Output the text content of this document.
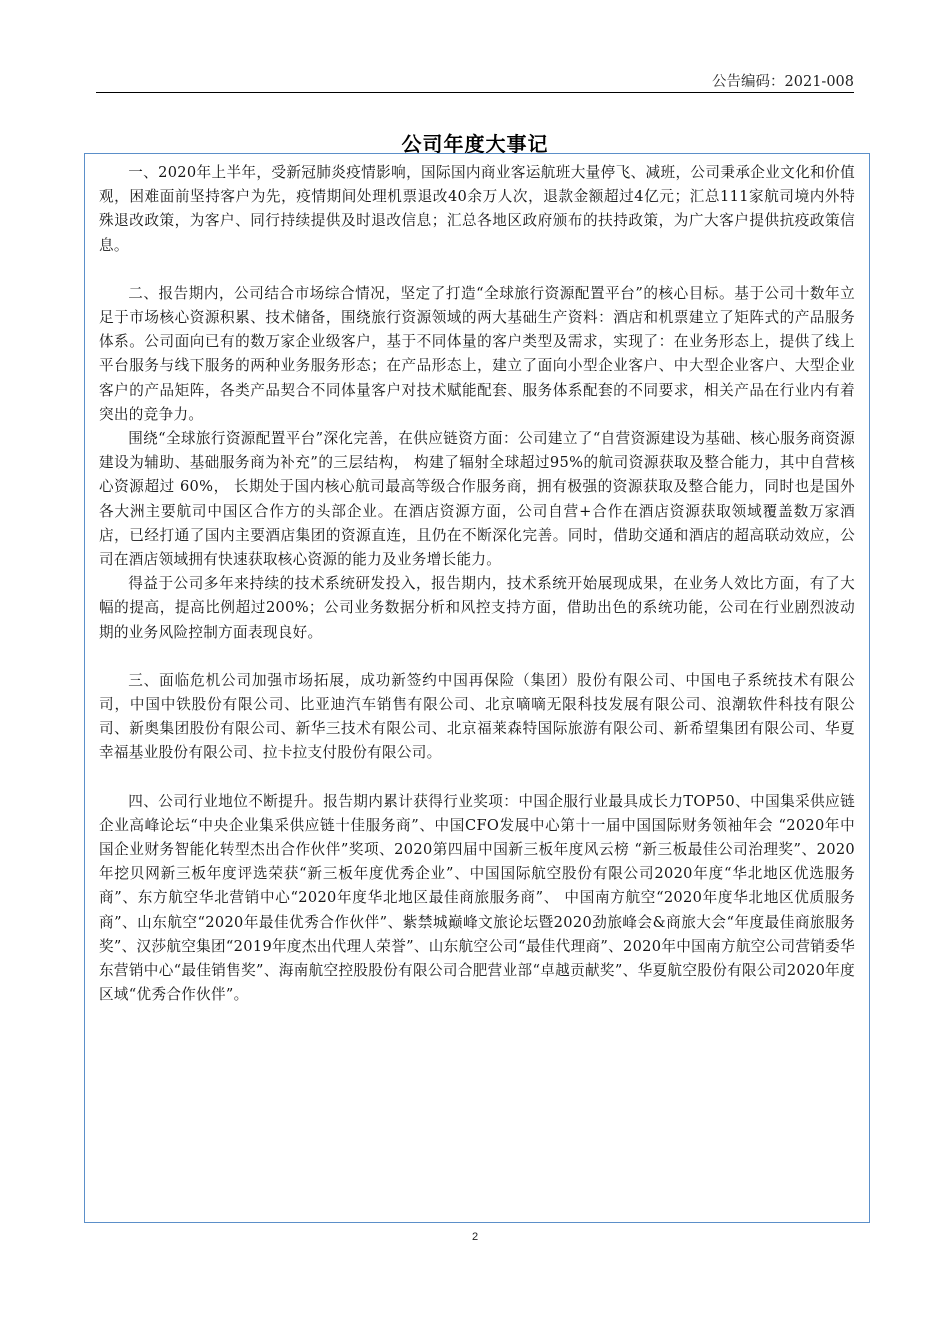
公告编码：2021-008
公司年度大事记

一、2020年上半年，受新冠肺炎疫情影响，国际国内商业客运航班大量停飞、减班，公司秉承企业文化和价值观，困难面前坚持客户为先，疫情期间处理机票退改40余万人次，退款金额超过4亿元；汇总111家航司境内外特殊退改政策，为客户、同行持续提供及时退改信息；汇总各地区政府颁布的扶持政策，为广大客户提供抗疫政策信息。

二、报告期内，公司结合市场综合情况，坚定了打造“全球旅行资源配置平台”的核心目标。基于公司十数年立足于市场核心资源积累、技术储备，围绕旅行资源领域的两大基础生产资料：酒店和机票建立了矩阵式的产品服务体系。公司面向已有的数万家企业级客户，基于不同体量的客户类型及需求，实现了：在业务形态上，提供了线上平台服务与线下服务的两种业务服务形态；在产品形态上，建立了面向小型企业客户、中大型企业客户、大型企业客户的产品矩阵，各类产品契合不同体量客户对技术赋能配套、服务体系配套的不同要求，相关产品在行业内有着突出的竞争力。

围绕“全球旅行资源配置平台”深化完善，在供应链资方面：公司建立了“自营资源建设为基础、核心服务商资源建设为辅助、基础服务商为补充”的三层结构， 构建了辐射全球超过95%的航司资源获取及整合能力，其中自营核心资源超过 60%， 长期处于国内核心航司最高等级合作服务商，拥有极强的资源获取及整合能力，同时也是国外各大洲主要航司中国区合作方的头部企业。在酒店资源方面，公司自营+合作在酒店资源获取领域覆盖数万家酒店，已经打通了国内主要酒店集团的资源直连，且仍在不断深化完善。同时，借助交通和酒店的超高联动效应，公司在酒店领域拥有快速获取核心资源的能力及业务增长能力。

得益于公司多年来持续的技术系统研发投入，报告期内，技术系统开始展现成果，在业务人效比方面，有了大幅的提高，提高比例超过200%；公司业务数据分析和风控支持方面，借助出色的系统功能，公司在行业剧烈波动期的业务风险控制方面表现良好。

三、面临危机公司加强市场拓展，成功新签约中国再保险（集团）股份有限公司、中国电子系统技术有限公司，中国中铁股份有限公司、比亚迪汽车销售有限公司、北京嘀嘀无限科技发展有限公司、浪潮软件科技有限公司、新奥集团股份有限公司、新华三技术有限公司、北京福莱森特国际旅游有限公司、新希望集团有限公司、华夏幸福基业股份有限公司、拉卡拉支付股份有限公司。

四、公司行业地位不断提升。报告期内累计获得行业奖项：中国企服行业最具成长力TOP50、中国集采供应链企业高峰论坛“中央企业集采供应链十佳服务商”、中国CFO发展中心第十一届中国国际财务领袖年会 “2020年中国企业财务智能化转型杰出合作伙伴”奖项、2020第四届中国新三板年度风云榜 “新三板最佳公司治理奖”、2020年挖贝网新三板年度评选荣获“新三板年度优秀企业”、中国国际航空股份有限公司2020年度“华北地区优选服务商”、东方航空华北营销中心“2020年度华北地区最佳商旅服务商”、 中国南方航空“2020年度华北地区优质服务商”、山东航空“2020年最佳优秀合作伙伴”、紫禁城巅峰文旅论坛暨2020劲旅峰会&商旅大会“年度最佳商旅服务奖”、汉莎航空集团“2019年度杰出代理人荣誉”、山东航空公司“最佳代理商”、2020年中国南方航空公司营销委华东营销中心“最佳销售奖”、海南航空控股股份有限公司合肥营业部“卓越贡献奖”、华夏航空股份有限公司2020年度区域“优秀合作伙伴”。

2
